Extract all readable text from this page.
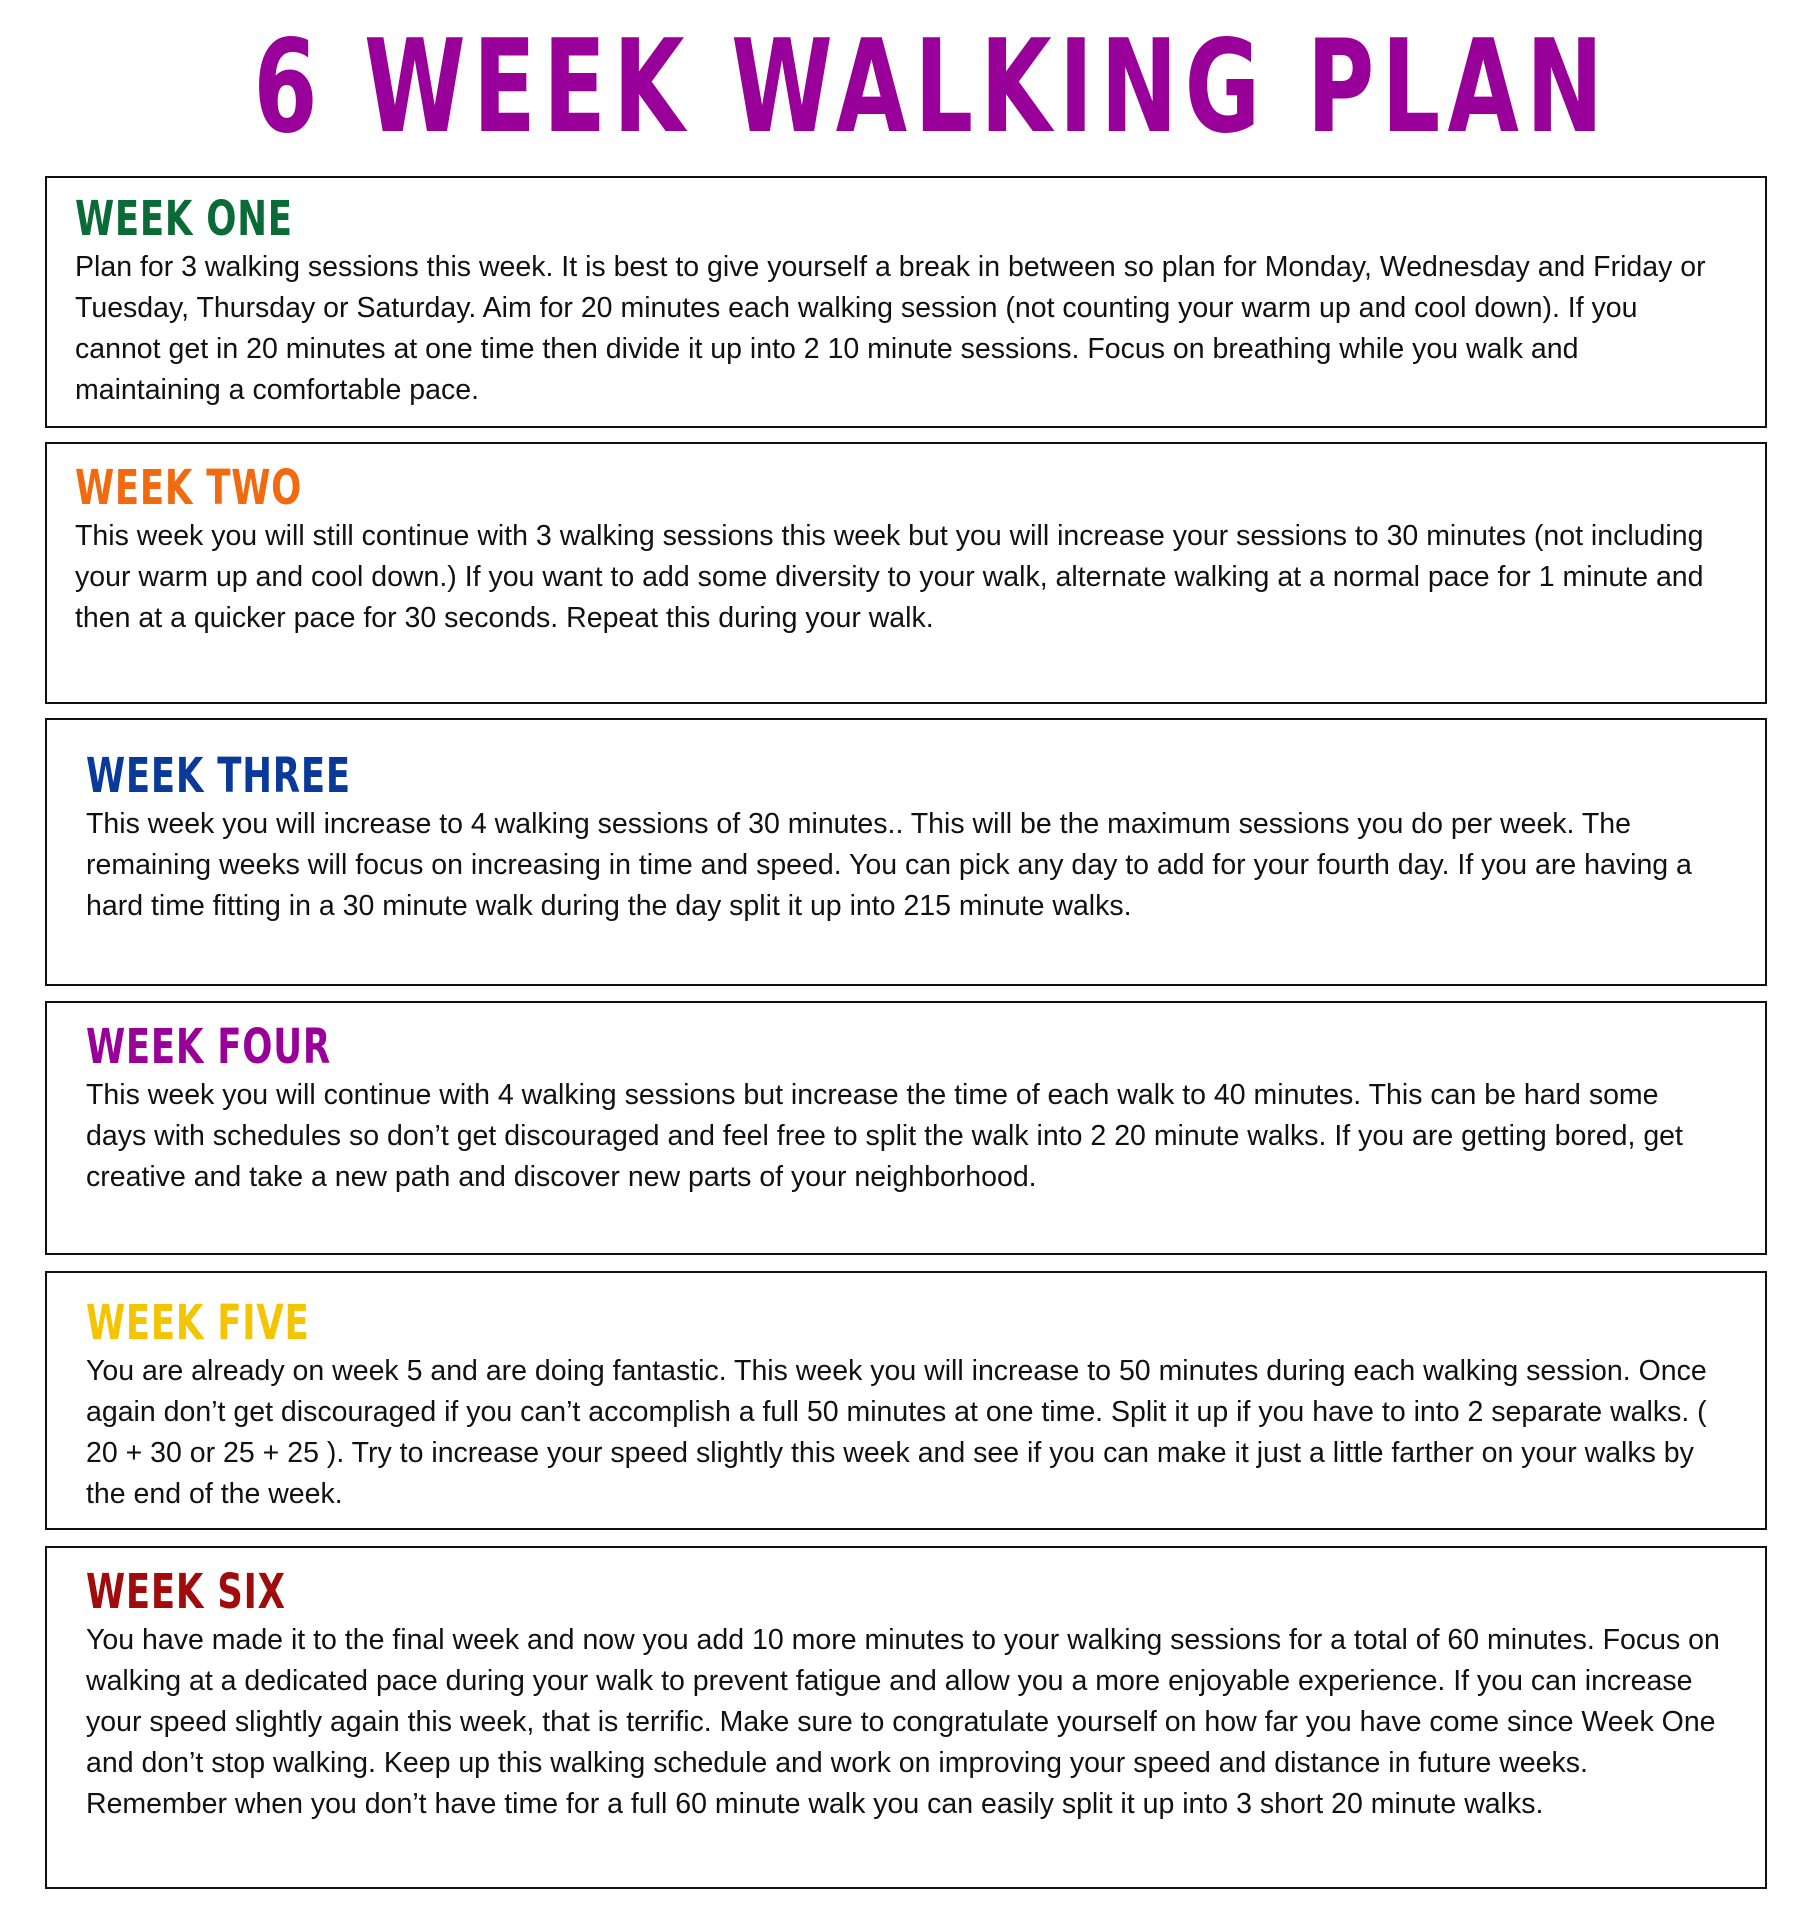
6 WEEK WALKING PLAN
WEEK ONE

Plan for 3 walking sessions this week. It is best to give yourself a break in between so plan for Monday, Wednesday and Friday or Tuesday, Thursday or Saturday. Aim for 20 minutes each walking session (not counting your warm up and cool down). If you cannot get in 20 minutes at one time then divide it up into 2 10 minute sessions. Focus on breathing while you walk and maintaining a comfortable pace.

WEEK TWO

This week you will still continue with 3 walking sessions this week but you will increase your sessions to 30 minutes (not including your warm up and cool down.) If you want to add some diversity to your walk, alternate walking at a normal pace for 1 minute and then at a quicker pace for 30 seconds. Repeat this during your walk.

WEEK THREE

This week you will increase to 4 walking sessions of 30 minutes.. This will be the maximum sessions you do per week. The remaining weeks will focus on increasing in time and speed. You can pick any day to add for your fourth day. If you are having a hard time fitting in a 30 minute walk during the day split it up into 215 minute walks.

WEEK FOUR

This week you will continue with 4 walking sessions but increase the time of each walk to 40 minutes. This can be hard some days with schedules so don’t get discouraged and feel free to split the walk into 2 20 minute walks. If you are getting bored, get creative and take a new path and discover new parts of your neighborhood.

WEEK FIVE

You are already on week 5 and are doing fantastic. This week you will increase to 50 minutes during each walking session. Once again don’t get discouraged if you can’t accomplish a full 50 minutes at one time. Split it up if you have to into 2 separate walks. ( 20 + 30 or 25 + 25 ). Try to increase your speed slightly this week and see if you can make it just a little farther on your walks by the end of the week.

WEEK SIX

You have made it to the final week and now you add 10 more minutes to your walking sessions for a total of 60 minutes. Focus on walking at a dedicated pace during your walk to prevent fatigue and allow you a more enjoyable experience. If you can increase your speed slightly again this week, that is terrific. Make sure to congratulate yourself on how far you have come since Week One and don’t stop walking. Keep up this walking schedule and work on improving your speed and distance in future weeks. Remember when you don’t have time for a full 60 minute walk you can easily split it up into 3 short 20 minute walks.
